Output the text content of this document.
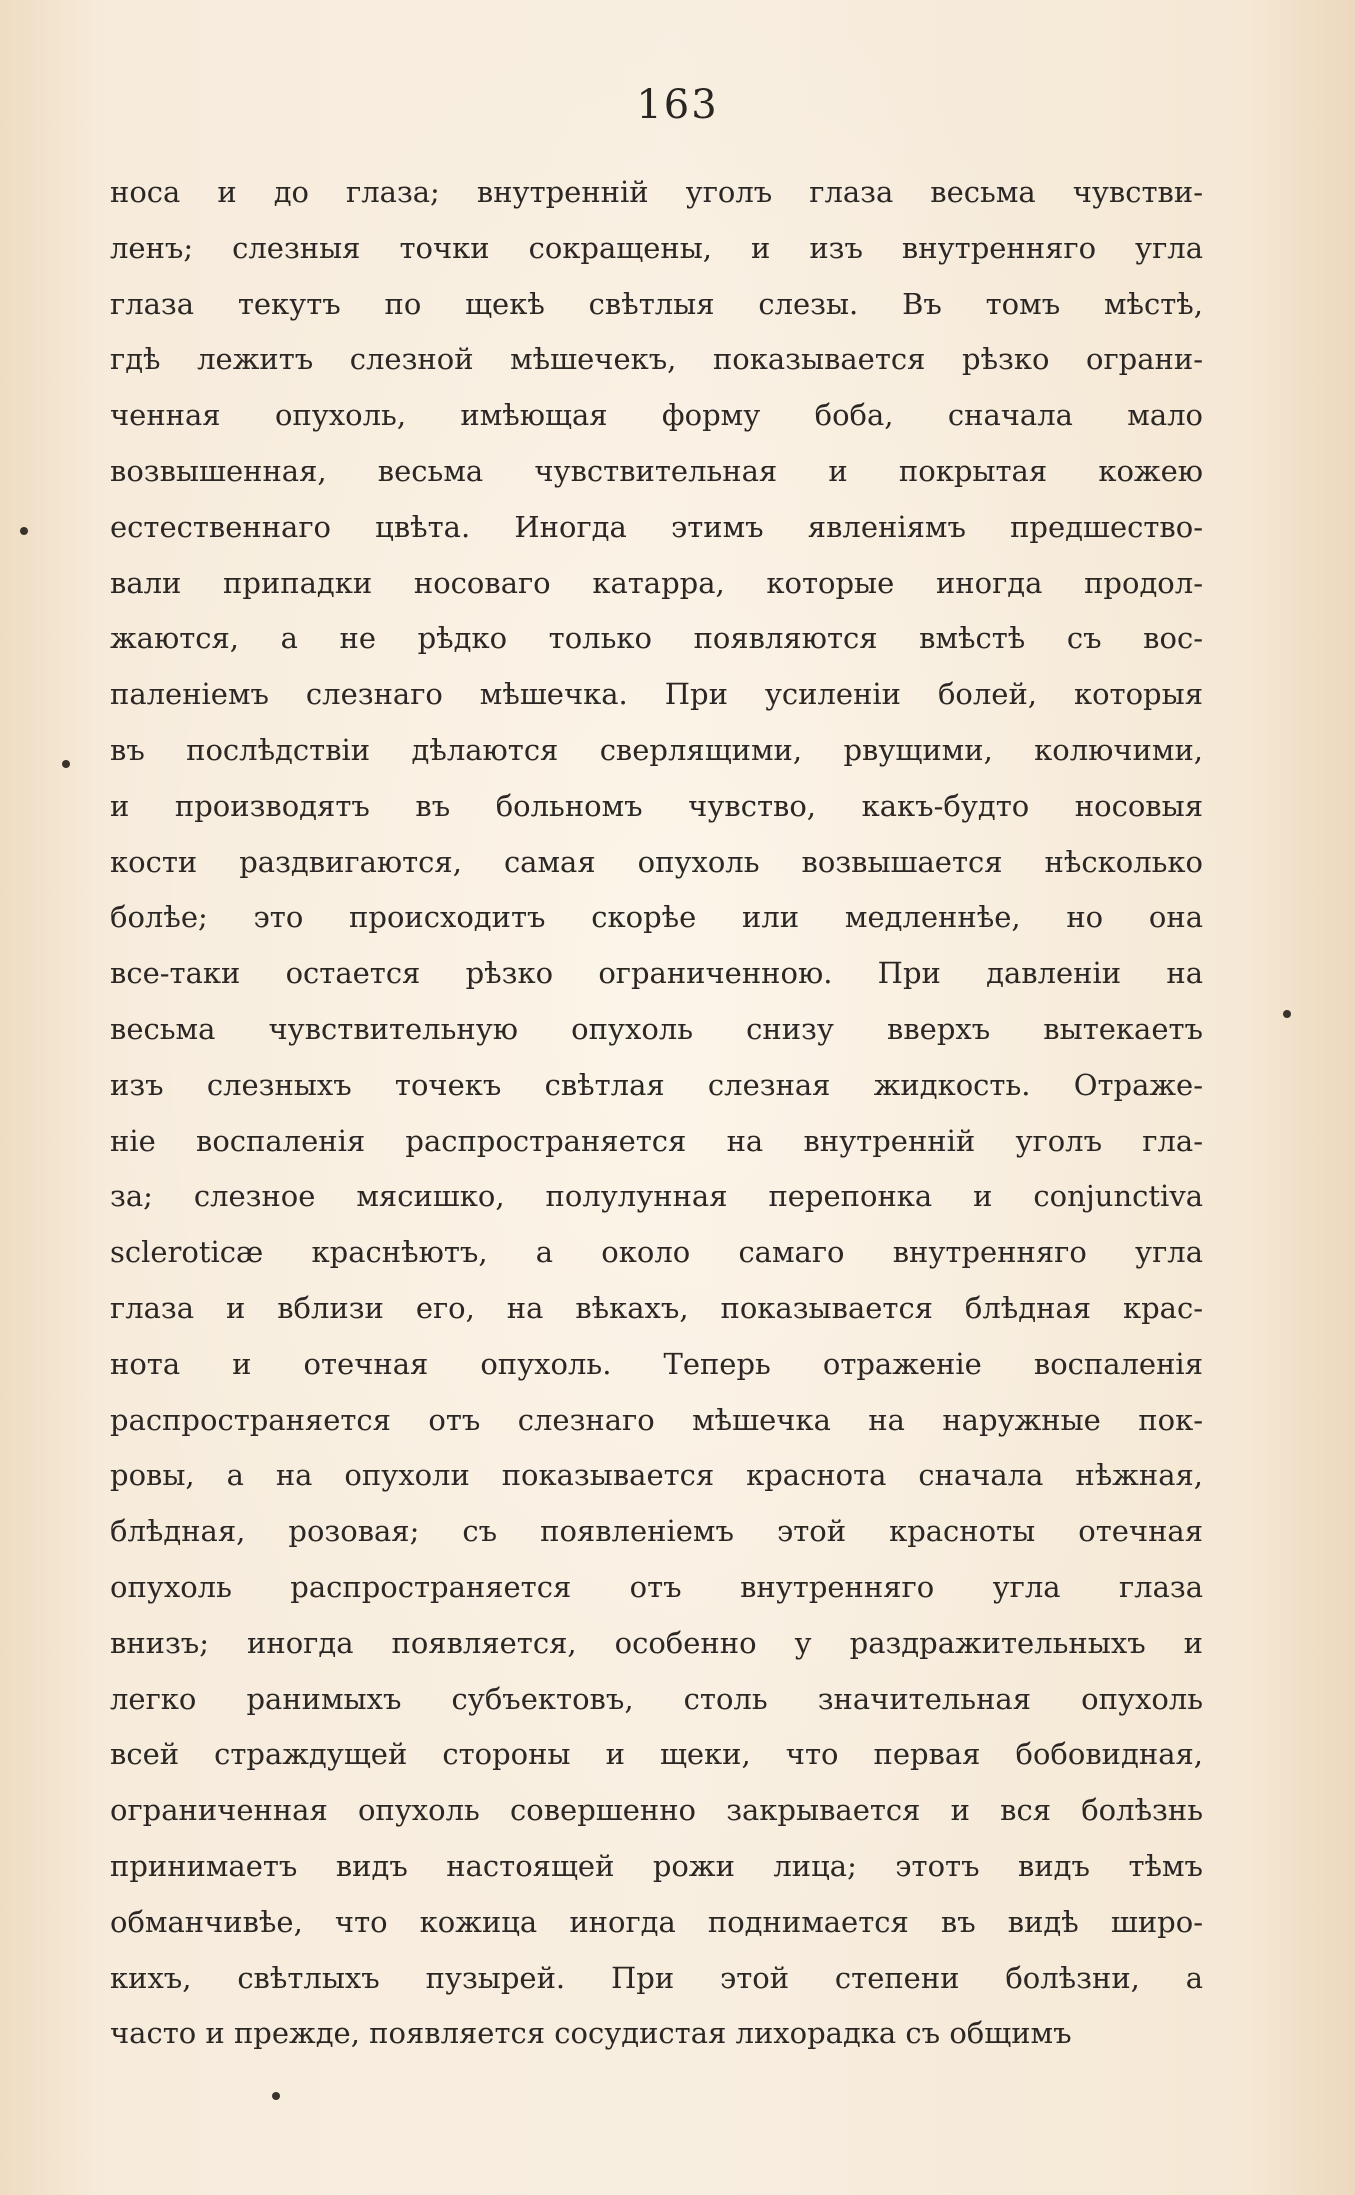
163
носа и до глаза; внутренній уголъ глаза весьма чувстви-
ленъ; слезныя точки сокращены, и изъ внутренняго угла
глаза текутъ по щекѣ свѣтлыя слезы. Въ томъ мѣстѣ,
гдѣ лежитъ слезной мѣшечекъ, показывается рѣзко ограни-
ченная опухоль, имѣющая форму боба, сначала мало
возвышенная, весьма чувствительная и покрытая кожею
естественнаго цвѣта. Иногда этимъ явленіямъ предшество-
вали припадки носоваго катарра, которые иногда продол-
жаются, а не рѣдко только появляются вмѣстѣ съ вос-
паленіемъ слезнаго мѣшечка. При усиленіи болей, которыя
въ послѣдствіи дѣлаются сверлящими, рвущими, колючими,
и производятъ въ больномъ чувство, какъ-будто носовыя
кости раздвигаются, самая опухоль возвышается нѣсколько
болѣе; это происходитъ скорѣе или медленнѣе, но она
все-таки остается рѣзко ограниченною. При давленіи на
весьма чувствительную опухоль снизу вверхъ вытекаетъ
изъ слезныхъ точекъ свѣтлая слезная жидкость. Отраже-
ніе воспаленія распространяется на внутренній уголъ гла-
за; слезное мясишко, полулунная перепонка и conjunctiva
scleroticæ краснѣютъ, а около самаго внутренняго угла
глаза и вблизи его, на вѣкахъ, показывается блѣдная крас-
нота и отечная опухоль. Теперь отраженіе воспаленія
распространяется отъ слезнаго мѣшечка на наружные пок-
ровы, а на опухоли показывается краснота сначала нѣжная,
блѣдная, розовая; съ появленіемъ этой красноты отечная
опухоль распространяется отъ внутренняго угла глаза
внизъ; иногда появляется, особенно у раздражительныхъ и
легко ранимыхъ субъектовъ, столь значительная опухоль
всей страждущей стороны и щеки, что первая бобовидная,
ограниченная опухоль совершенно закрывается и вся болѣзнь
принимаетъ видъ настоящей рожи лица; этотъ видъ тѣмъ
обманчивѣе, что кожица иногда поднимается въ видѣ широ-
кихъ, свѣтлыхъ пузырей. При этой степени болѣзни, а
часто и прежде, появляется сосудистая лихорадка съ общимъ
